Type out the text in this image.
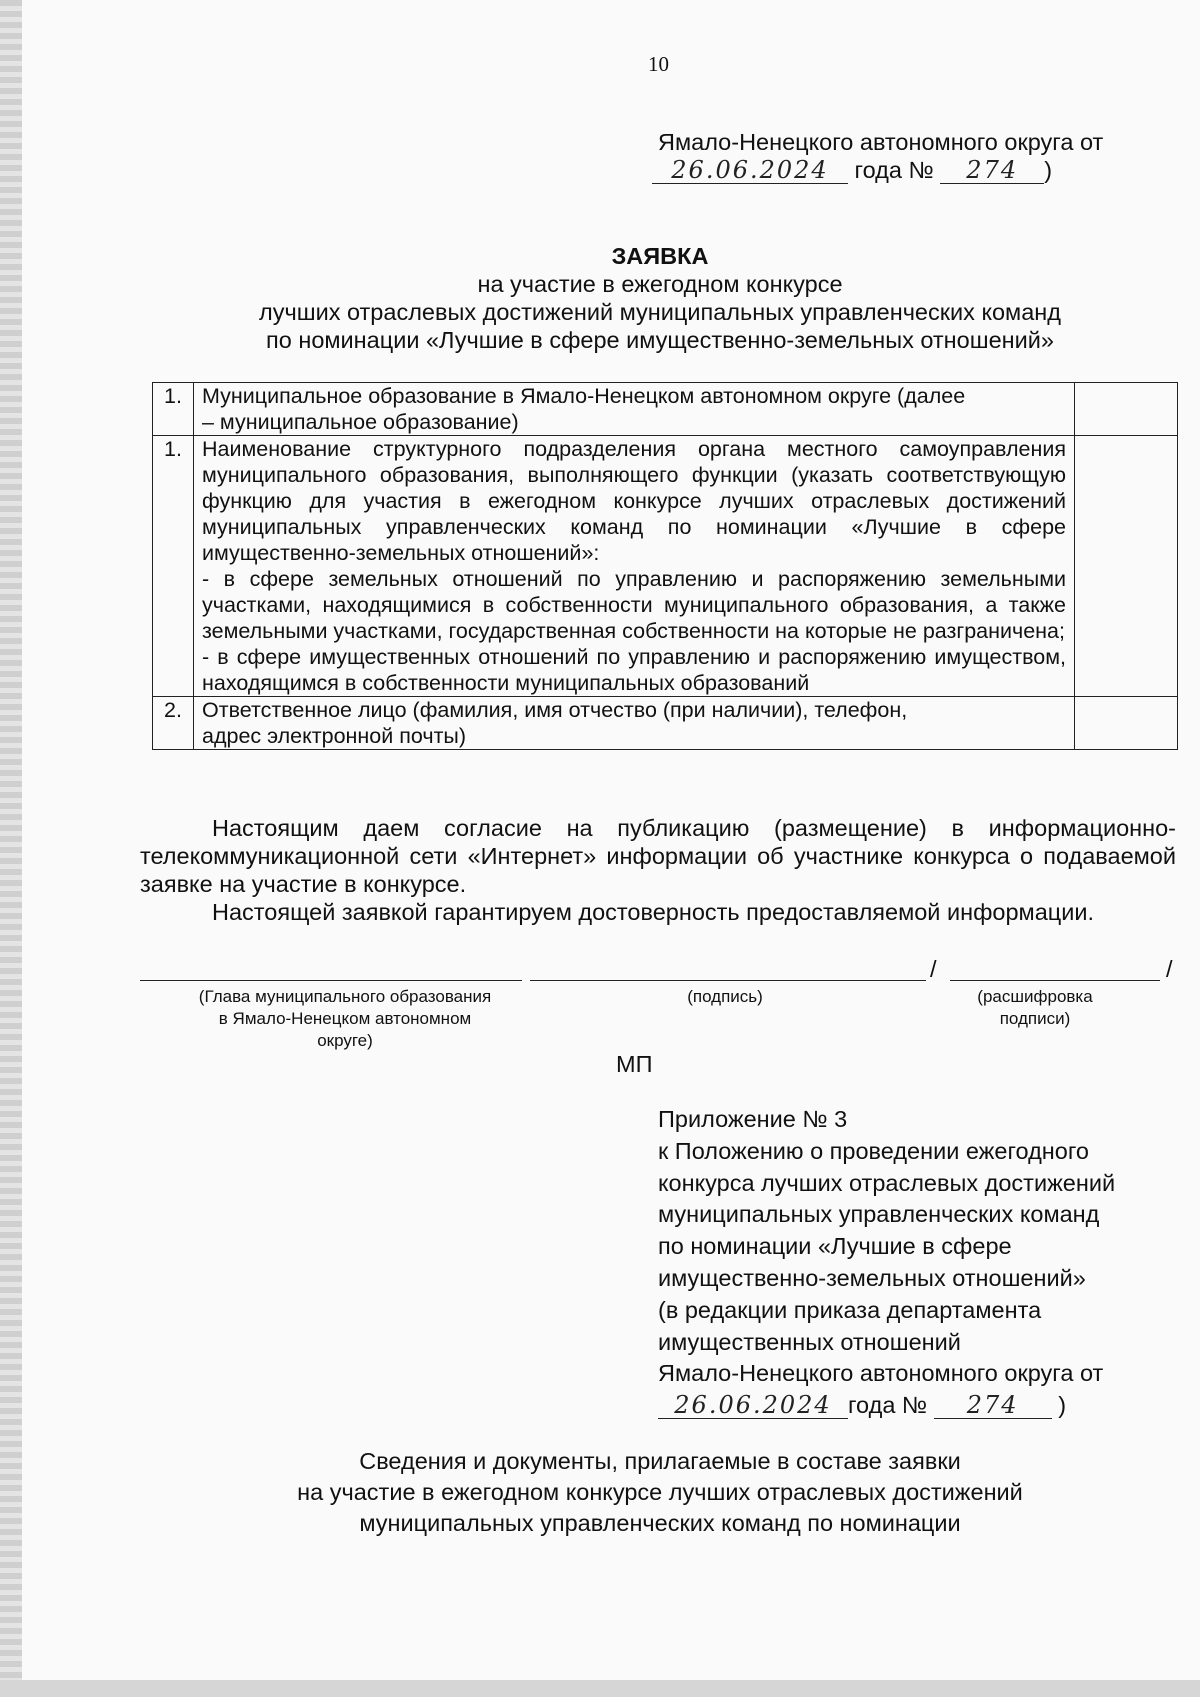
10
Ямало-Ненецкого автономного округа от
26.06.2024 года № 274 )
ЗАЯВКА
на участие в ежегодном конкурсе
лучших отраслевых достижений муниципальных управленческих команд
по номинации «Лучшие в сфере имущественно-земельных отношений»
1.	Муниципальное образование в Ямало-Ненецком автономном округе (далее
– муниципальное образование)	

1.	Наименование структурного подразделения органа местного самоуправления муниципального образования, выполняющего функции (указать соответствующую функцию для участия в ежегодном конкурсе лучших отраслевых достижений муниципальных управленческих команд по номинации «Лучшие в сфере имущественно-земельных отношений»:
- в сфере земельных отношений по управлению и распоряжению земельными участками, находящимися в собственности муниципального образования, а также земельными участками, государственная собственности на которые не разграничена;
- в сфере имущественных отношений по управлению и распоряжению имуществом, находящимся в собственности муниципальных образований	

2.	Ответственное лицо (фамилия, имя отчество (при наличии), телефон,
адрес электронной почты)	

Настоящим даем согласие на публикацию (размещение) в информационно-телекоммуникационной сети «Интернет» информации об участнике конкурса о подаваемой заявке на участие в конкурсе.
Настоящей заявкой гарантируем достоверность предоставляемой информации.
/	/
(Глава муниципального образования
в Ямало-Ненецком автономном
округе)
(подпись)	(расшифровка
подписи)
МП
Приложение № 3
к Положению о проведении ежегодного
конкурса лучших отраслевых достижений
муниципальных управленческих команд
по номинации «Лучшие в сфере
имущественно-земельных отношений»
(в редакции приказа департамента
имущественных отношений
Ямало-Ненецкого автономного округа от
26.06.2024 года № 274 )
Сведения и документы, прилагаемые в составе заявки
на участие в ежегодном конкурсе лучших отраслевых достижений
муниципальных управленческих команд по номинации
